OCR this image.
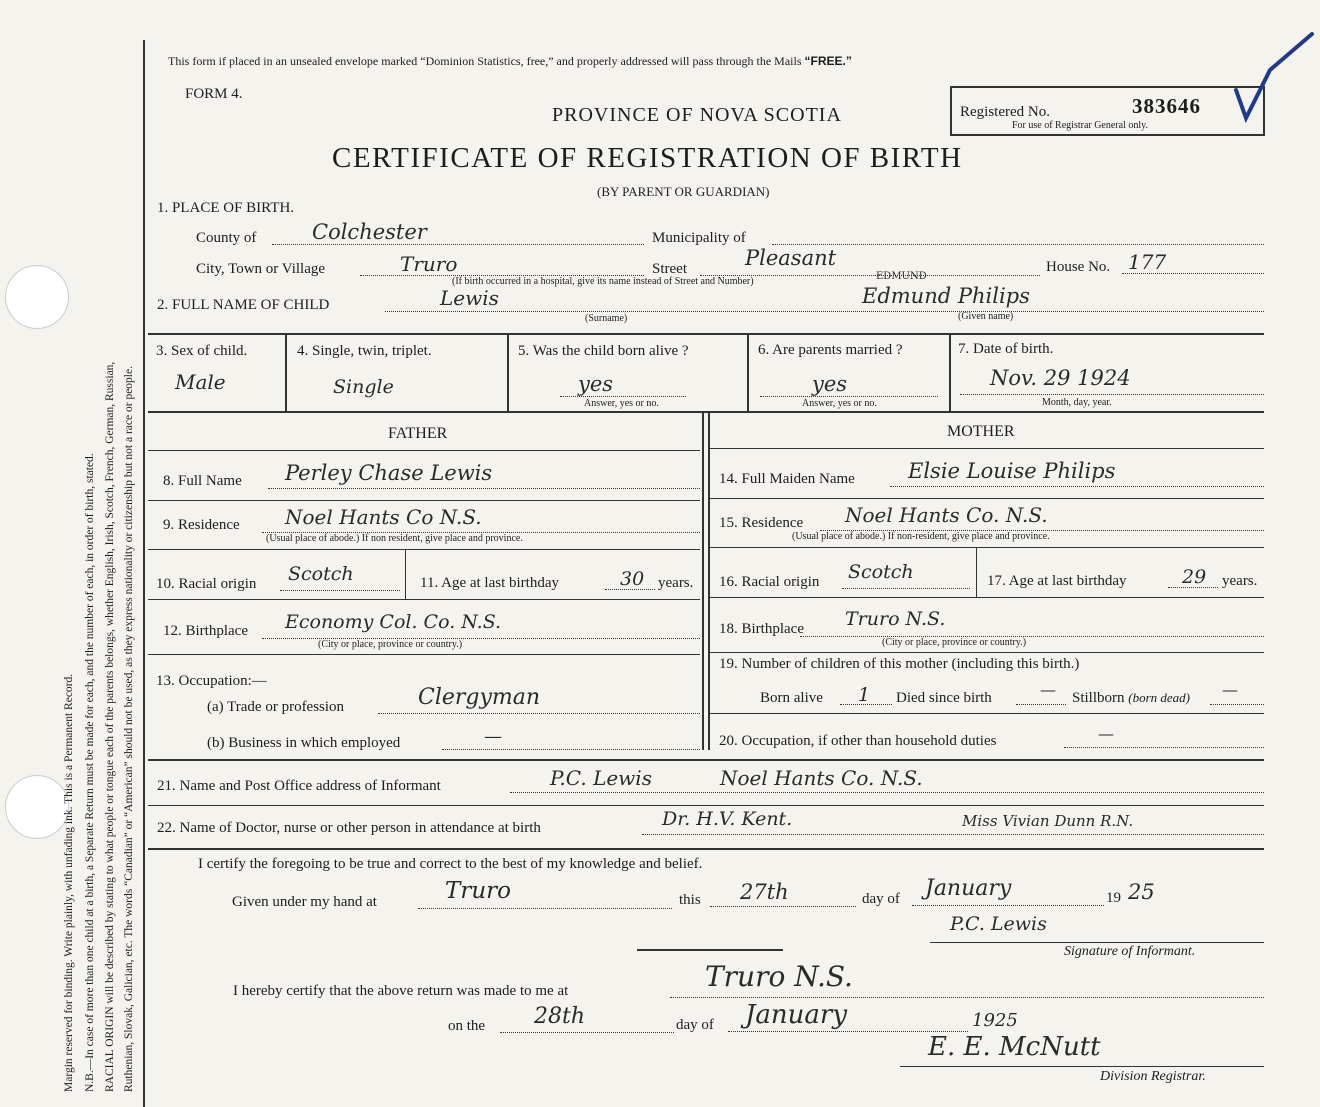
Margin reserved for binding. Write plainly, with unfading ink. This is a Permanent Record. N.B.—In case of more than one child at a birth, a Separate Return must be made for each, and the number of each, in order of birth, stated. RACIAL ORIGIN will be described by stating to what people or tongue each of the parents belongs, whether English, Irish, Scotch, French, German, Russian, Ruthenian, Slovak, Galician, etc. The words “Canadian” or “American” should not be used, as they express nationality or citizenship but not a race or people.
This form if placed in an unsealed envelope marked “Dominion Statistics, free,” and properly addressed will pass through the Mails “FREE.”
FORM 4.
PROVINCE OF NOVA SCOTIA	Registered No.	383646
For use of Registrar General only.
CERTIFICATE OF REGISTRATION OF BIRTH
(BY PARENT OR GUARDIAN)
1. PLACE OF BIRTH.
County of	Colchester	Municipality of
City, Town or Village	Truro
(If birth occurred in a hospital, give its name instead of Street and Number)
Street	Pleasant	House No. 177
2. FULL NAME OF CHILD	Lewis
(Surname)
EDMUND
Edmund Philips
(Given name)
3. Sex of child.
Male
4. Single, twin, triplet.
Single
5. Was the child born alive ?
yes
Answer, yes or no.
6. Are parents married ?
yes
Answer, yes or no.
7. Date of birth.
Nov. 29 1924
Month, day, year.
FATHER	MOTHER
8. Full Name Perley Chase Lewis	14. Full Maiden Name	Elsie Louise Philips
9. Residence Noel Hants Co N.S.
(Usual place of abode.) If non resident, give place and province.
15. Residence Noel Hants Co. N.S.
(Usual place of abode.) If non-resident, give place and province.
10. Racial origin Scotch	11. Age at last birthday	30 years. 16. Racial origin Scotch	17. Age at last birthday	29 years.
12. Birthplace Economy Col. Co. N.S.
(City or place, province or country.)
18. Birthplace Truro N.S.
(City or place, province or country.)
13. Occupation:—
(a) Trade or profession	Clergyman
(b) Business in which employed	—
19. Number of children of this mother (including this birth.)
Born alive 1 Died since birth	— Stillborn (born dead) —
20. Occupation, if other than household duties	—
21. Name and Post Office address of Informant	P.C. Lewis	Noel Hants Co. N.S.
22. Name of Doctor, nurse or other person in attendance at birth	Dr. H.V. Kent.	Miss Vivian Dunn R.N.
I certify the foregoing to be true and correct to the best of my knowledge and belief.
Given under my hand at	Truro	this 27th	day of January	19 25
P.C. Lewis
Signature of Informant.
I hereby certify that the above return was made to me at	Truro N.S.
on the 28th	day of January	1925
E. E. McNutt
Division Registrar.
